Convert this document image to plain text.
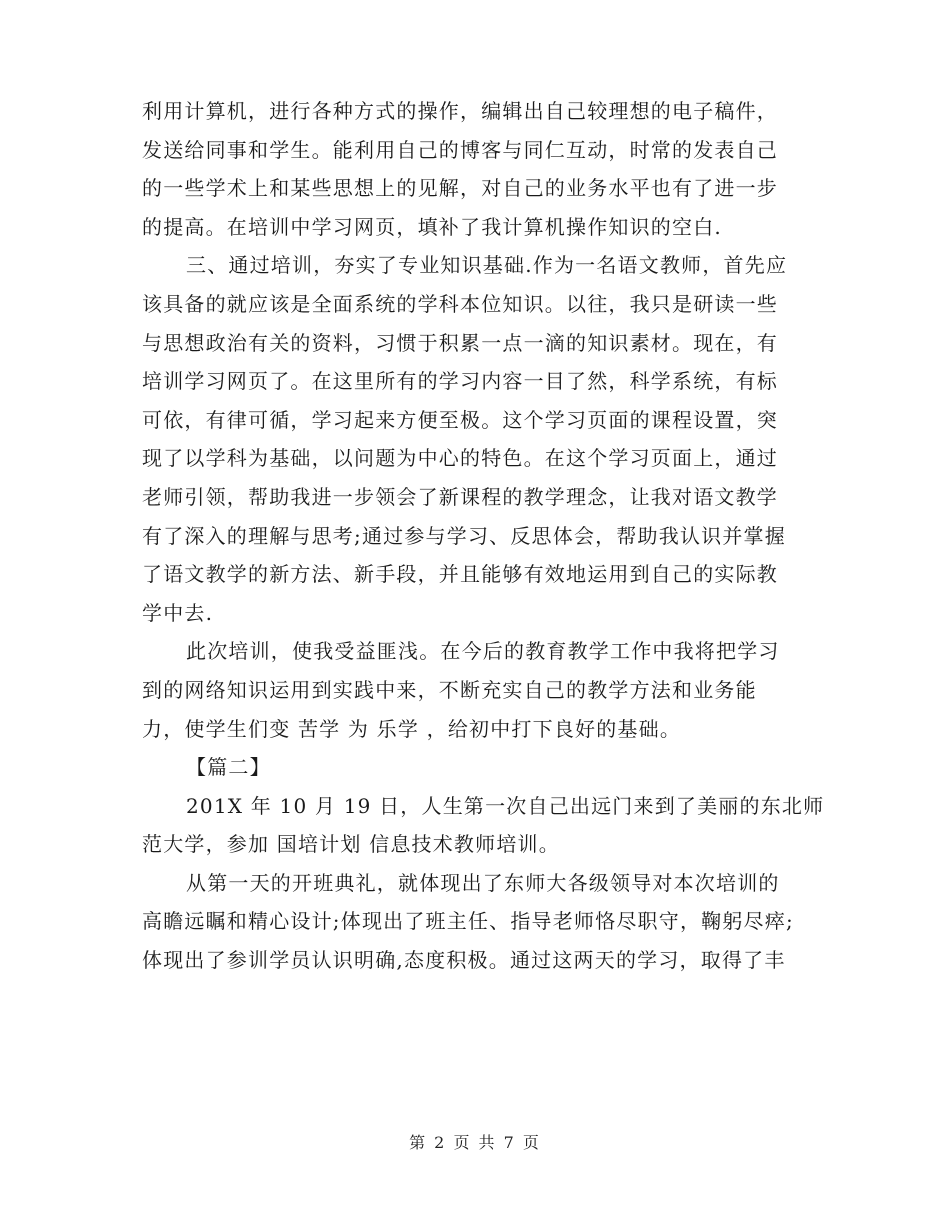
利用计算机，进行各种方式的操作，编辑出自己较理想的电子稿件，
发送给同事和学生。能利用自己的博客与同仁互动，时常的发表自己
的一些学术上和某些思想上的见解，对自己的业务水平也有了进一步
的提高。在培训中学习网页，填补了我计算机操作知识的空白.
三、通过培训，夯实了专业知识基础.作为一名语文教师，首先应
该具备的就应该是全面系统的学科本位知识。以往，我只是研读一些
与思想政治有关的资料，习惯于积累一点一滴的知识素材。现在，有
培训学习网页了。在这里所有的学习内容一目了然，科学系统，有标
可依，有律可循，学习起来方便至极。这个学习页面的课程设置，突
现了以学科为基础，以问题为中心的特色。在这个学习页面上，通过
老师引领，帮助我进一步领会了新课程的教学理念，让我对语文教学
有了深入的理解与思考;通过参与学习、反思体会，帮助我认识并掌握
了语文教学的新方法、新手段，并且能够有效地运用到自己的实际教
学中去.
此次培训，使我受益匪浅。在今后的教育教学工作中我将把学习
到的网络知识运用到实践中来，不断充实自己的教学方法和业务能
力，使学生们变 苦学 为 乐学 ，给初中打下良好的基础。
【篇二】
201X 年 10 月 19 日，人生第一次自己出远门来到了美丽的东北师
范大学，参加 国培计划 信息技术教师培训。
从第一天的开班典礼，就体现出了东师大各级领导对本次培训的
高瞻远瞩和精心设计;体现出了班主任、指导老师恪尽职守，鞠躬尽瘁;
体现出了参训学员认识明确,态度积极。通过这两天的学习，取得了丰
第 2 页 共 7 页
